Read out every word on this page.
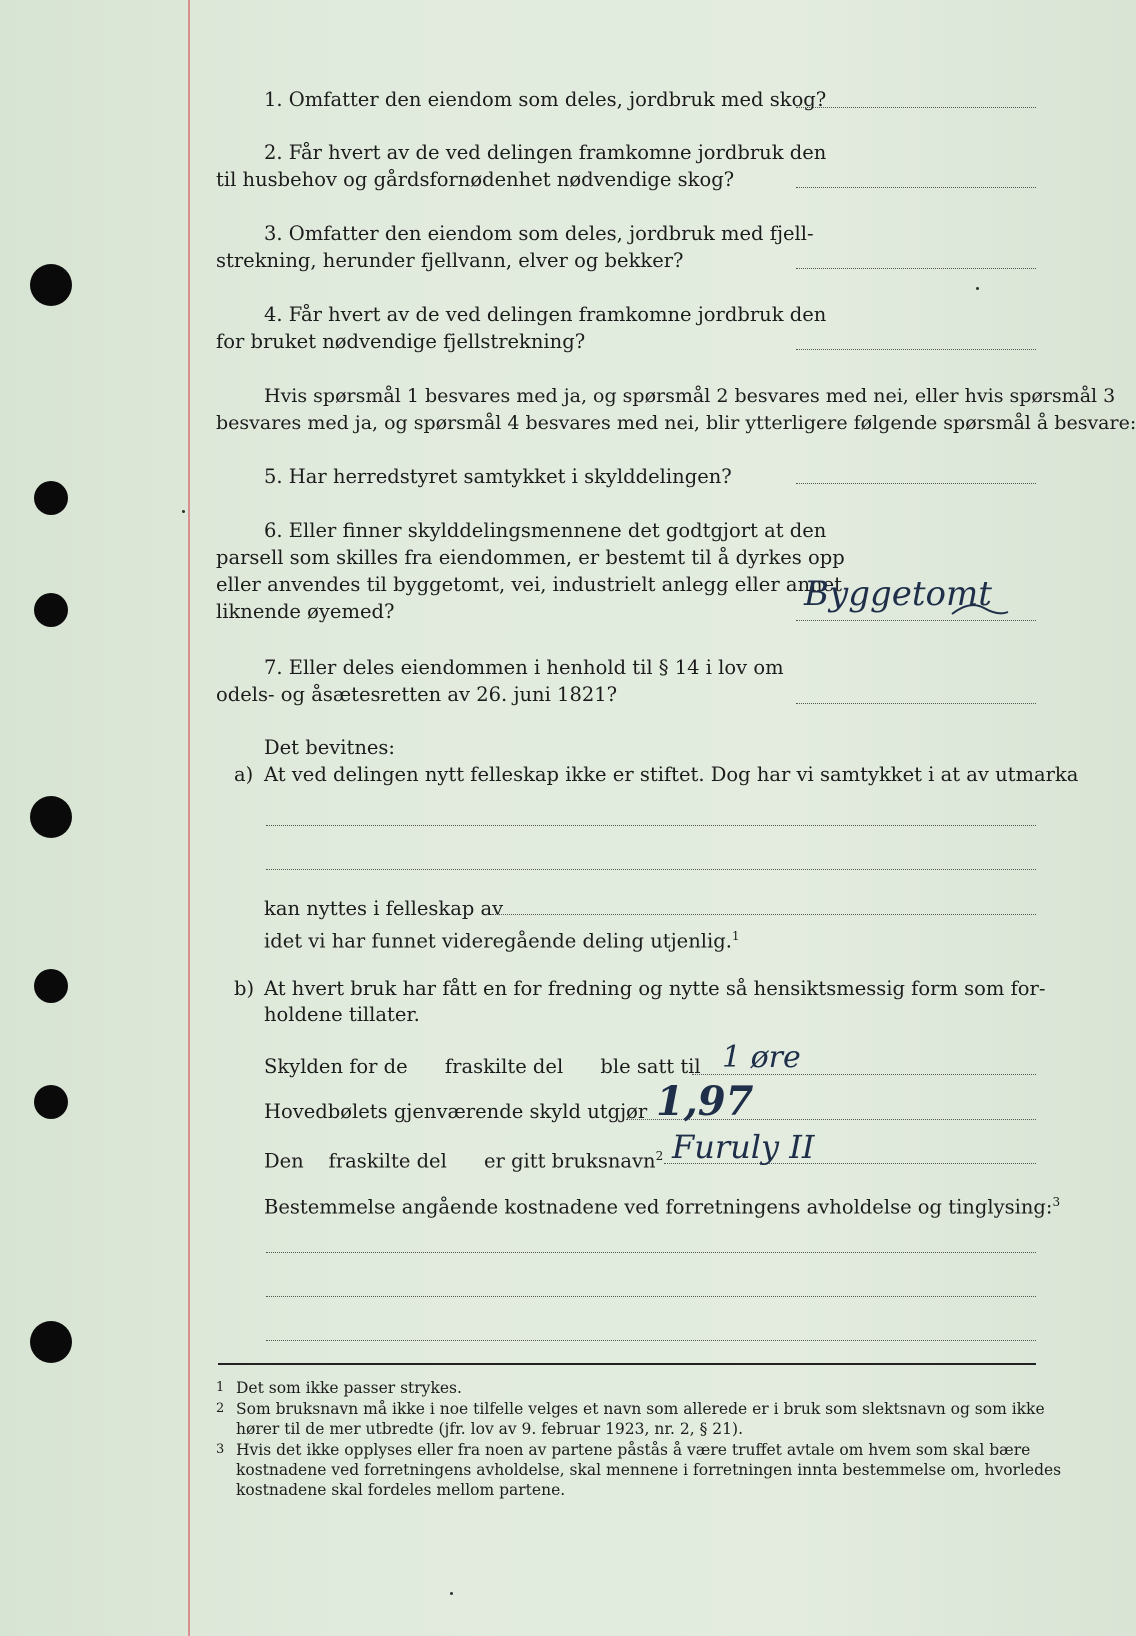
1. Omfatter den eiendom som deles, jordbruk med skog?
2. Får hvert av de ved delingen framkomne jordbruk den
til husbehov og gårdsfornødenhet nødvendige skog?
3. Omfatter den eiendom som deles, jordbruk med fjell-
strekning, herunder fjellvann, elver og bekker?
4. Får hvert av de ved delingen framkomne jordbruk den
for bruket nødvendige fjellstrekning?
Hvis spørsmål 1 besvares med ja, og spørsmål 2 besvares med nei, eller hvis spørsmål 3
besvares med ja, og spørsmål 4 besvares med nei, blir ytterligere følgende spørsmål å besvare:
5. Har herredstyret samtykket i skylddelingen?
6. Eller finner skylddelingsmennene det godtgjort at den
parsell som skilles fra eiendommen, er bestemt til å dyrkes opp
eller anvendes til byggetomt, vei, industrielt anlegg eller annet
liknende øyemed?	Byggetomt
7. Eller deles eiendommen i henhold til § 14 i lov om
odels- og åsætesretten av 26. juni 1821?
Det bevitnes:
a) At ved delingen nytt felleskap ikke er stiftet. Dog har vi samtykket i at av utmarka
kan nyttes i felleskap av
idet vi har funnet videregående deling utjenlig.$^1$
b) At hvert bruk har fått en for fredning og nytte så hensiktsmessig form som for-
holdene tillater.
Skylden for de      fraskilte del      ble satt til 1 øre
Hovedbølets gjenværende skyld utgjør 1,97
Den fraskilte del      er gitt bruksnavn$^2$ Furuly II
Bestemmelse angående kostnadene ved forretningens avholdelse og tinglysing:$^3$
1 Det som ikke passer strykes.
2 Som bruksnavn må ikke i noe tilfelle velges et navn som allerede er i bruk som slektsnavn og som ikke
hører til de mer utbredte (jfr. lov av 9. februar 1923, nr. 2, § 21).
3 Hvis det ikke opplyses eller fra noen av partene påstås å være truffet avtale om hvem som skal bære
kostnadene ved forretningens avholdelse, skal mennene i forretningen innta bestemmelse om, hvorledes
kostnadene skal fordeles mellom partene.
